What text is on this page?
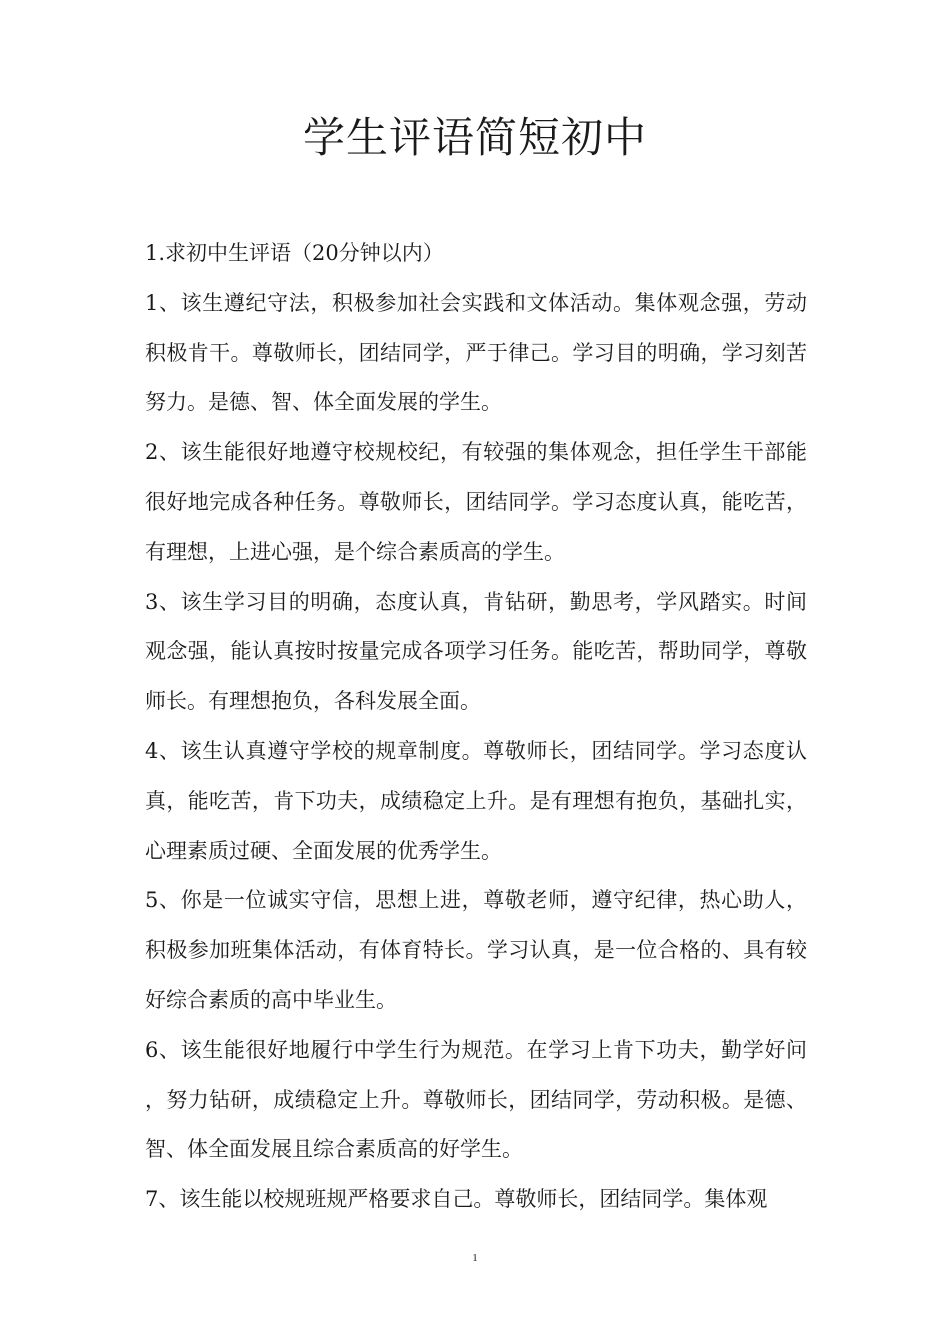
学生评语简短初中

1.求初中生评语（20分钟以内）

1、该生遵纪守法，积极参加社会实践和文体活动。集体观念强，劳动积极肯干。尊敬师长，团结同学，严于律己。学习目的明确，学习刻苦努力。是德、智、体全面发展的学生。

2、该生能很好地遵守校规校纪，有较强的集体观念，担任学生干部能很好地完成各种任务。尊敬师长，团结同学。学习态度认真，能吃苦，有理想，上进心强，是个综合素质高的学生。

3、该生学习目的明确，态度认真，肯钻研，勤思考，学风踏实。时间观念强，能认真按时按量完成各项学习任务。能吃苦，帮助同学，尊敬师长。有理想抱负，各科发展全面。

4、该生认真遵守学校的规章制度。尊敬师长，团结同学。学习态度认真，能吃苦，肯下功夫，成绩稳定上升。是有理想有抱负，基础扎实，心理素质过硬、全面发展的优秀学生。

5、你是一位诚实守信，思想上进，尊敬老师，遵守纪律，热心助人，积极参加班集体活动，有体育特长。学习认真，是一位合格的、具有较好综合素质的高中毕业生。

6、该生能很好地履行中学生行为规范。在学习上肯下功夫，勤学好问，努力钻研，成绩稳定上升。尊敬师长，团结同学，劳动积极。是德、智、体全面发展且综合素质高的好学生。

7、该生能以校规班规严格要求自己。尊敬师长，团结同学。集体观

1
